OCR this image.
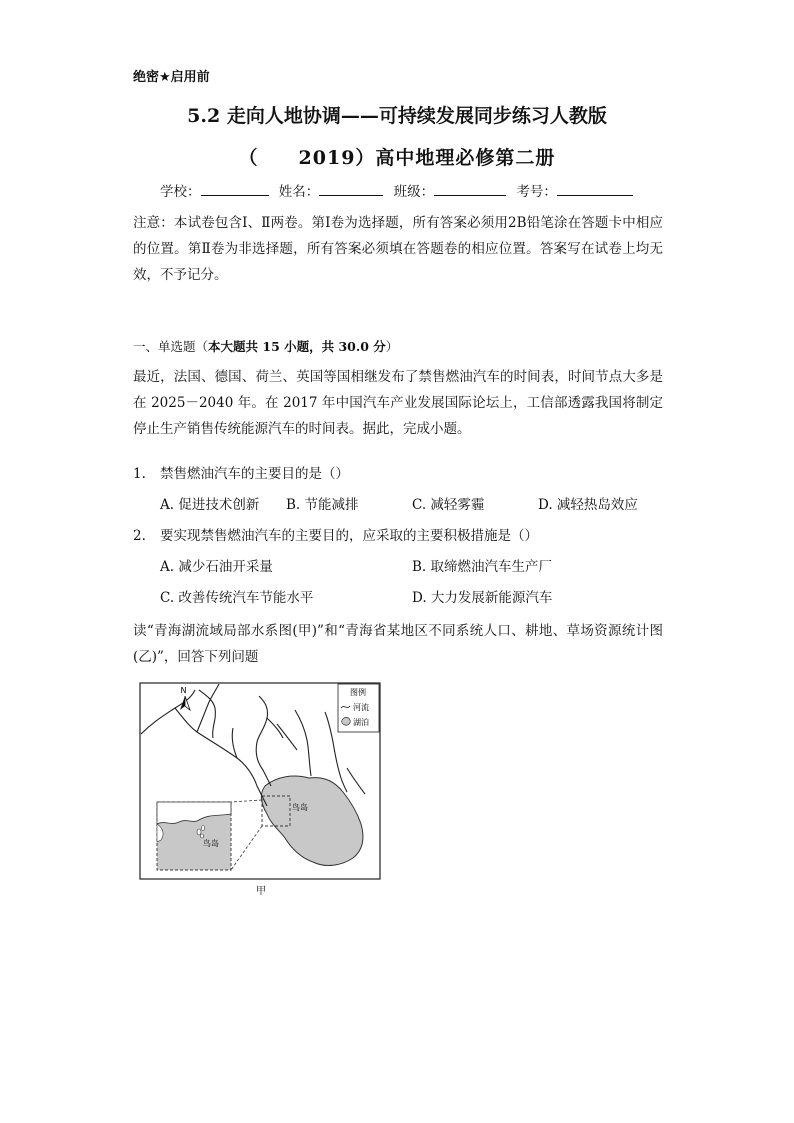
绝密★启用前
5.2 走向人地协调——可持续发展同步练习人教版
（　　2019）高中地理必修第二册
学校：	姓名：	班级：	考号：
注意：本试卷包含Ⅰ、Ⅱ两卷。第Ⅰ卷为选择题，所有答案必须用2B铅笔涂在答题卡中相应的位置。第Ⅱ卷为非选择题，所有答案必须填在答题卷的相应位置。答案写在试卷上均无效，不予记分。
一、单选题（本大题共 15 小题，共 30.0 分）
最近，法国、德国、荷兰、英国等国相继发布了禁售燃油汽车的时间表，时间节点大多是在 2025－2040 年。在 2017 年中国汽车产业发展国际论坛上，工信部透露我国将制定停止生产销售传统能源汽车的时间表。据此，完成小题。
1. 禁售燃油汽车的主要目的是（）
A. 促进技术创新 B. 节能减排	C. 减轻雾霾	D. 减轻热岛效应
2. 要实现禁售燃油汽车的主要目的，应采取的主要积极措施是（）
A. 减少石油开采量	B. 取缔燃油汽车生产厂
C. 改善传统汽车节能水平	D. 大力发展新能源汽车
读“青海湖流域局部水系图(甲)”和“青海省某地区不同系统人口、耕地、草场资源统计图(乙)”，回答下列问题
N	图例
河流
湖泊
鸟岛
鸟岛
甲
